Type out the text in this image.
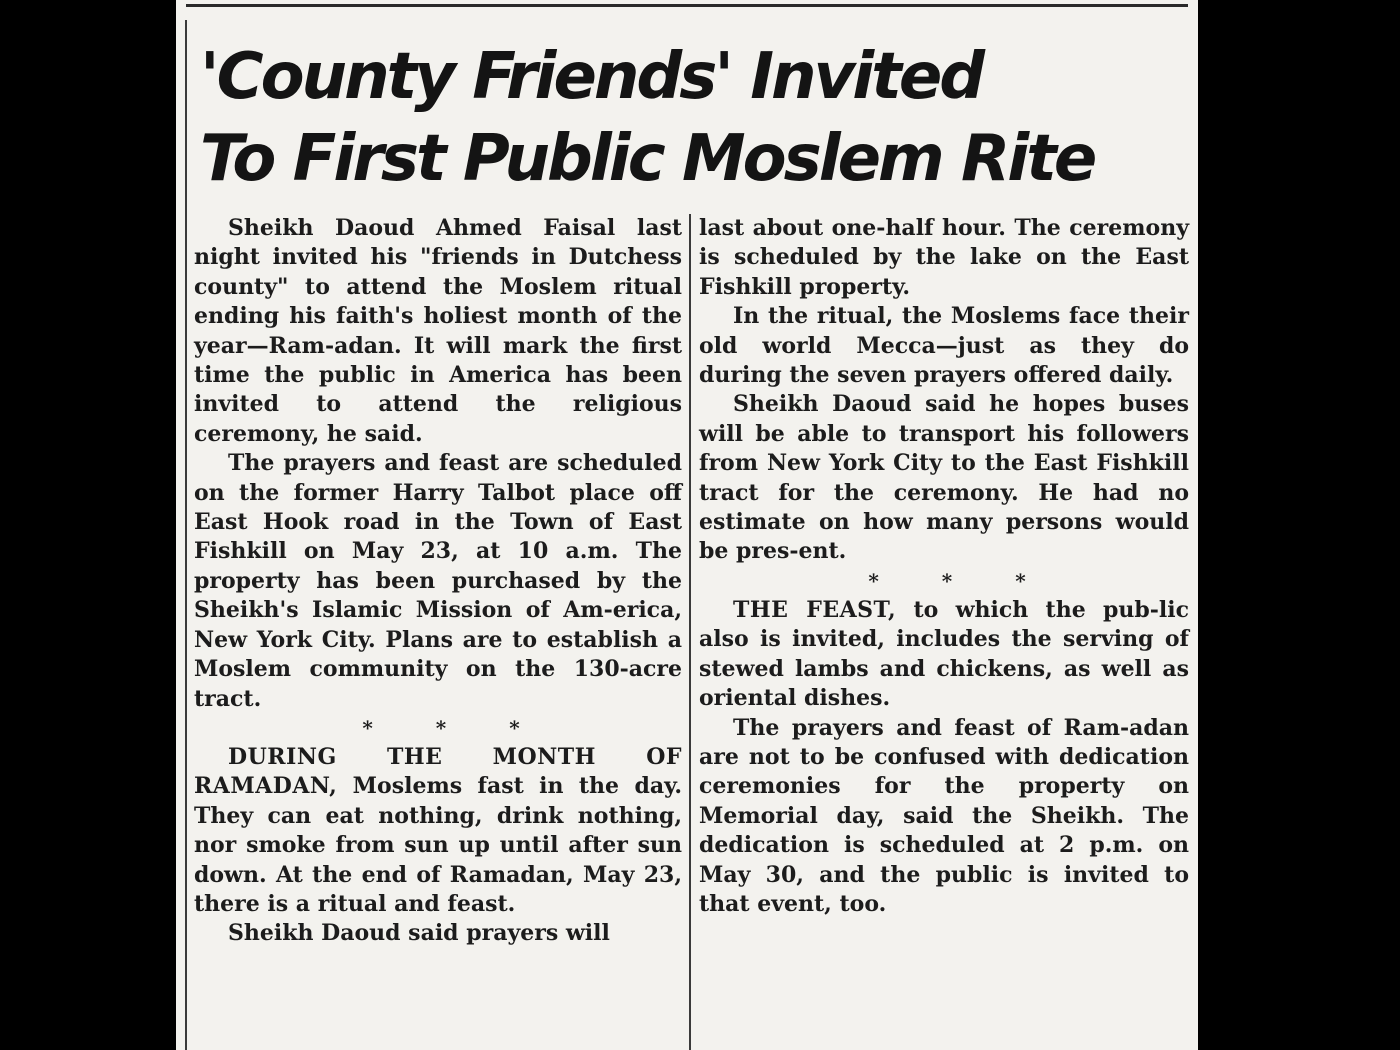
'County Friends' Invited
To First Public Moslem Rite

Sheikh Daoud Ahmed Faisal last night invited his "friends in Dutchess county" to attend the Moslem ritual ending his faith's holiest month of the year—Ram-adan. It will mark the first time the public in America has been invited to attend the religious ceremony, he said.

The prayers and feast are scheduled on the former Harry Talbot place off East Hook road in the Town of East Fishkill on May 23, at 10 a.m. The property has been purchased by the Sheikh's Islamic Mission of Am-erica, New York City. Plans are to establish a Moslem community on the 130-acre tract.

* * *

DURING THE MONTH OF RAMADAN, Moslems fast in the day. They can eat nothing, drink nothing, nor smoke from sun up until after sun down. At the end of Ramadan, May 23, there is a ritual and feast.

Sheikh Daoud said prayers will

last about one-half hour. The ceremony is scheduled by the lake on the East Fishkill property.

In the ritual, the Moslems face their old world Mecca—just as they do during the seven prayers offered daily.

Sheikh Daoud said he hopes buses will be able to transport his followers from New York City to the East Fishkill tract for the ceremony. He had no estimate on how many persons would be pres-ent.

* * *

THE FEAST, to which the pub-lic also is invited, includes the serving of stewed lambs and chickens, as well as oriental dishes.

The prayers and feast of Ram-adan are not to be confused with dedication ceremonies for the property on Memorial day, said the Sheikh. The dedication is scheduled at 2 p.m. on May 30, and the public is invited to that event, too.
